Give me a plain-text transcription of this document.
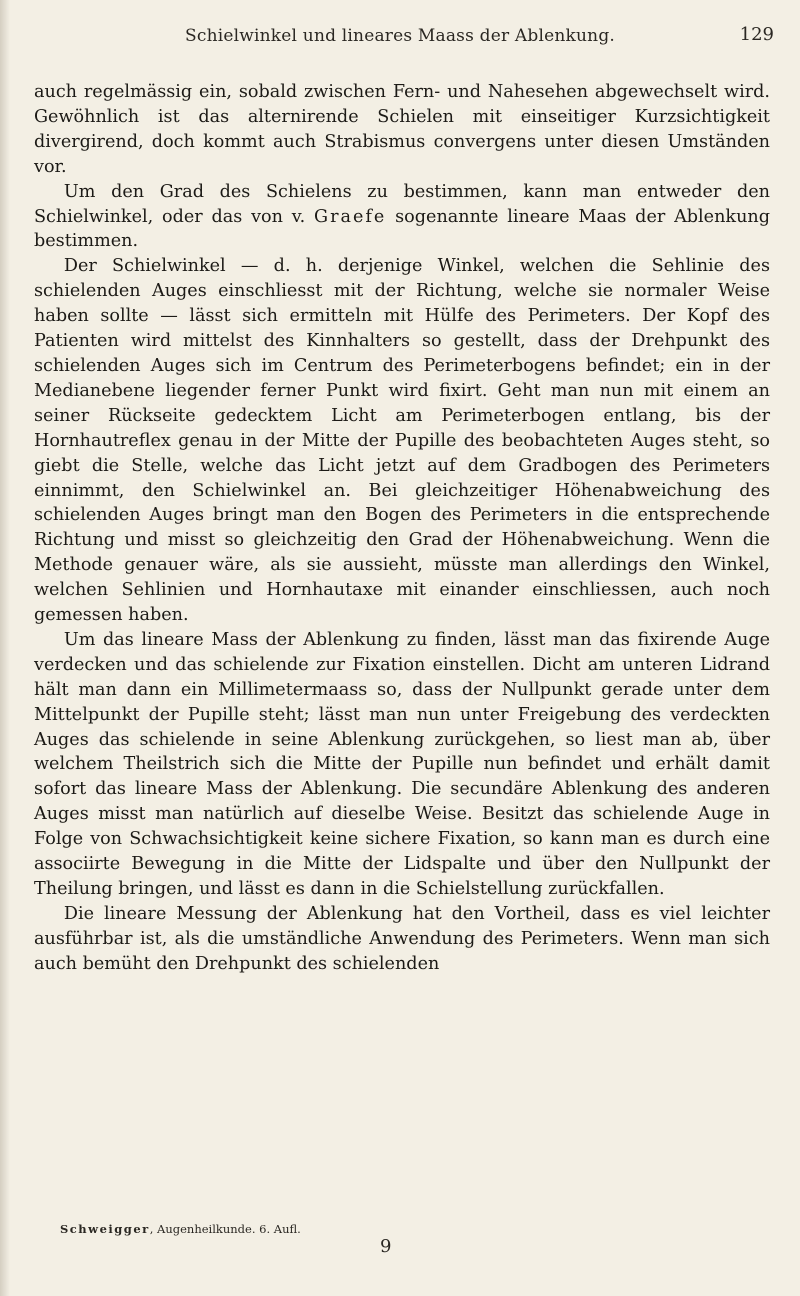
Schielwinkel und lineares Maass der Ablenkung.	129

auch regelmässig ein, sobald zwischen Fern- und Nahesehen abgewechselt wird. Gewöhnlich ist das alternirende Schielen mit einseitiger Kurzsichtigkeit divergirend, doch kommt auch Strabismus convergens unter diesen Umständen vor.

Um den Grad des Schielens zu bestimmen, kann man entweder den Schielwinkel, oder das von v. Graefe sogenannte lineare Maas der Ablenkung bestimmen.

Der Schielwinkel — d. h. derjenige Winkel, welchen die Sehlinie des schielenden Auges einschliesst mit der Richtung, welche sie normaler Weise haben sollte — lässt sich ermitteln mit Hülfe des Perimeters. Der Kopf des Patienten wird mittelst des Kinnhalters so gestellt, dass der Drehpunkt des schielenden Auges sich im Centrum des Perimeterbogens befindet; ein in der Medianebene liegender ferner Punkt wird fixirt. Geht man nun mit einem an seiner Rückseite gedecktem Licht am Perimeterbogen entlang, bis der Hornhautreflex genau in der Mitte der Pupille des beobachteten Auges steht, so giebt die Stelle, welche das Licht jetzt auf dem Gradbogen des Perimeters einnimmt, den Schielwinkel an. Bei gleichzeitiger Höhenabweichung des schielenden Auges bringt man den Bogen des Perimeters in die entsprechende Richtung und misst so gleichzeitig den Grad der Höhenabweichung. Wenn die Methode genauer wäre, als sie aussieht, müsste man allerdings den Winkel, welchen Sehlinien und Hornhautaxe mit einander einschliessen, auch noch gemessen haben.

Um das lineare Mass der Ablenkung zu finden, lässt man das fixirende Auge verdecken und das schielende zur Fixation einstellen. Dicht am unteren Lidrand hält man dann ein Millimetermaass so, dass der Nullpunkt gerade unter dem Mittelpunkt der Pupille steht; lässt man nun unter Freigebung des verdeckten Auges das schielende in seine Ablenkung zurückgehen, so liest man ab, über welchem Theilstrich sich die Mitte der Pupille nun befindet und erhält damit sofort das lineare Mass der Ablenkung. Die secundäre Ablenkung des anderen Auges misst man natürlich auf dieselbe Weise. Besitzt das schielende Auge in Folge von Schwachsichtigkeit keine sichere Fixation, so kann man es durch eine associirte Bewegung in die Mitte der Lidspalte und über den Nullpunkt der Theilung bringen, und lässt es dann in die Schielstellung zurückfallen.

Die lineare Messung der Ablenkung hat den Vortheil, dass es viel leichter ausführbar ist, als die umständliche Anwendung des Perimeters. Wenn man sich auch bemüht den Drehpunkt des schielenden

Schweigger, Augenheilkunde. 6. Aufl.
9
